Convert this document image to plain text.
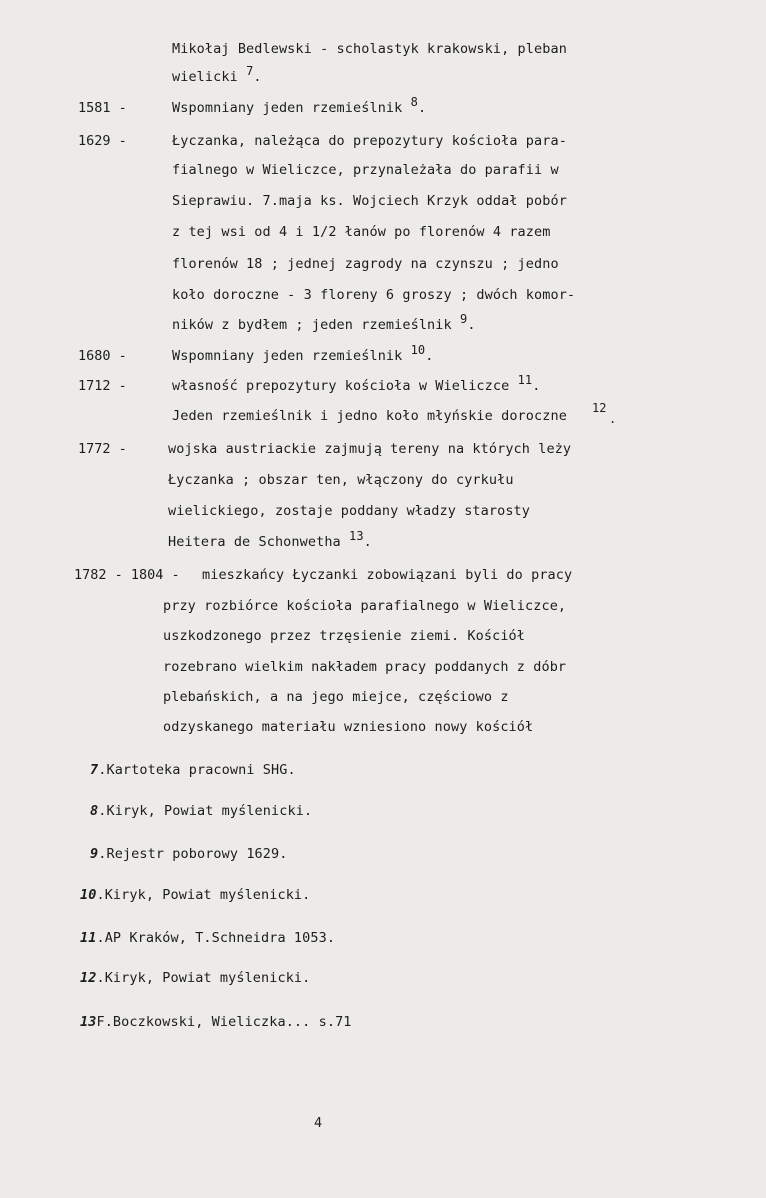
Mikołaj Bedlewski - scholastyk krakowski, pleban
wielicki $^7$.
1581 -	Wspomniany jeden rzemieślnik $^8$.
1629 -	Łyczanka, należąca do prepozytury kościoła para-
fialnego w Wieliczce, przynależała do parafii w
Sieprawiu. 7.maja ks. Wojciech Krzyk oddał pobór
z tej wsi od 4 i 1/2 łanów po florenów 4 razem
florenów 18 ; jednej zagrody na czynszu ; jedno
koło doroczne - 3 floreny 6 groszy ; dwóch komor-
ników z bydłem ; jeden rzemieślnik $^9$.
1680 -	Wspomniany jeden rzemieślnik $^{10}$.
1712 -	własność prepozytury kościoła w Wieliczce $^{11}$.
Jeden rzemieślnik i jedno koło młyńskie doroczne 12
.
1772 -	wojska austriackie zajmują tereny na których leży
Łyczanka ; obszar ten, włączony do cyrkułu
wielickiego, zostaje poddany władzy starosty
Heitera de Schonwetha $^{13}$.
1782 - 1804 - mieszkańcy Łyczanki zobowiązani byli do pracy
przy rozbiórce kościoła parafialnego w Wieliczce,
uszkodzonego przez trzęsienie ziemi. Kościół
rozebrano wielkim nakładem pracy poddanych z dóbr
plebańskich, a na jego miejce, częściowo z
odzyskanego materiału wzniesiono nowy kościół
7.Kartoteka pracowni SHG.
8.Kiryk, Powiat myślenicki.
9.Rejestr poborowy 1629.
10.Kiryk, Powiat myślenicki.
11.AP Kraków, T.Schneidra 1053.
12.Kiryk, Powiat myślenicki.
13F.Boczkowski, Wieliczka... s.71
4
